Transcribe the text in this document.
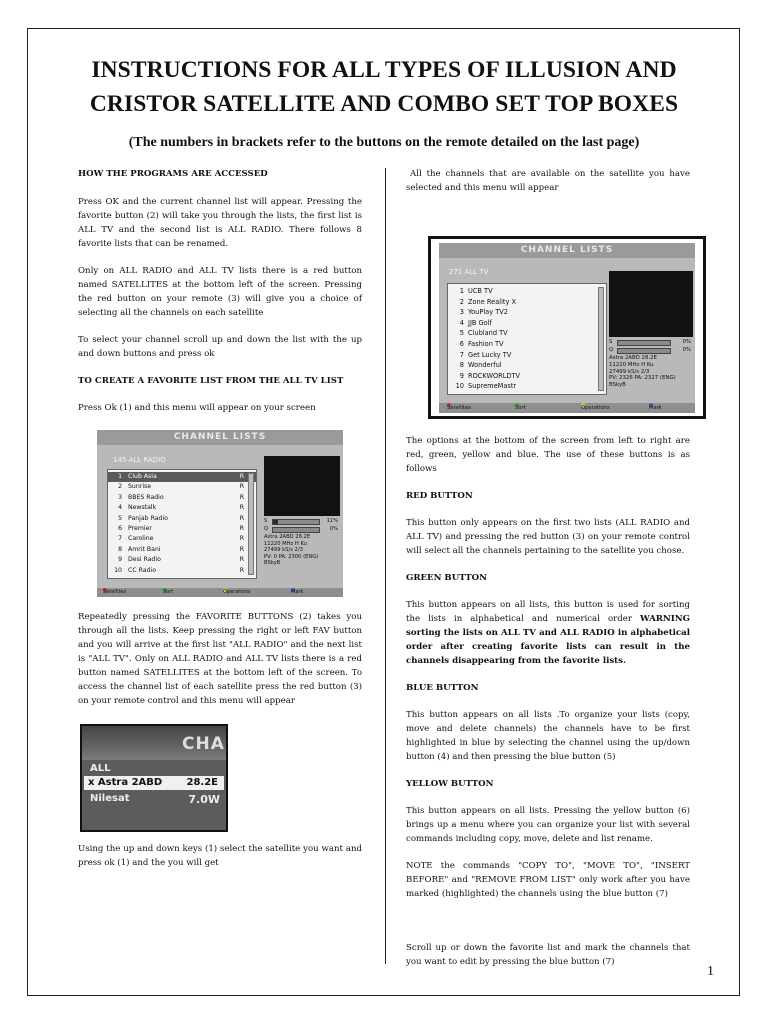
INSTRUCTIONS FOR ALL TYPES OF ILLUSION AND
CRISTOR SATELLITE AND COMBO SET TOP BOXES
(The numbers in brackets refer to the buttons on the remote detailed on the last page)

HOW THE PROGRAMS ARE ACCESSED

Press OK and the current channel list will appear. Pressing the favorite button (2) will take you through the lists, the first list is ALL TV and the second list is ALL RADIO. There follows 8 favorite lists that can be renamed.

Only on ALL RADIO and ALL TV lists there is a red button named SATELLITES at the bottom left of the screen. Pressing the red button on your remote (3) will give you a choice of selecting all the channels on each satellite

To select your channel scroll up and down the list with the up and down buttons and press ok

TO CREATE A FAVORITE LIST FROM THE ALL TV LIST

Press Ok (1) and this menu will appear on your screen

CHANNEL LISTS
145 ALL RADIO
1 Club Asia	R
2 Sunrise	R
3 BBES Radio	R
4 Newstalk	R
5 Panjab Radio	R
6 Premier	R
7 Caroline	R
8 Amrit Bani	R
9 Desi Radio	R
10 CC Radio	R
S	11%
Q	0%
Astra 2ABD 28.2E
11220 MHz H Ku
27499 kS/s 2/3
PV: 0 PA: 2300 (ENG)
BSkyB
Satellites	Sort	Operations	Mark

Repeatedly pressing the FAVORITE BUTTONS (2) takes you through all the lists. Keep pressing the right or left FAV button and you will arrive at the first list "ALL RADIO" and the next list is "ALL TV". Only on ALL RADIO and ALL TV lists there is a red button named SATELLITES at the bottom left of the screen. To access the channel list of each satellite press the red button (3) on your remote control and this menu will appear

CHA
ALL
x Astra 2ABD 28.2E
Nilesat	7.0W

Using the up and down keys (1) select the satellite you want and press ok (1) and the you will get

All the channels that are available on the satellite you have selected and this menu will appear

CHANNEL LISTS
271 ALL TV
1 UCB TV
2 Zone Reality X
3 YouPlay TV2
4 JJB Golf
5 Clubland TV
6 Fashion TV
7 Get Lucky TV
8 Wonderful
9 ROCKWORLDTV
10 SupremeMastr
S	0%
Q	0%
Astra 2ABD 28.2E
11220 MHz H Ku
27499 kS/s 2/3
PV: 2326 PA: 2327 (ENG)
BSkyB
Satellites	Sort	Operations	Mark

The options at the bottom of the screen from left to right are red, green, yellow and blue. The use of these buttons is as follows

RED BUTTON

This button only appears on the first two lists (ALL RADIO and ALL TV) and pressing the red button (3) on your remote control will select all the channels pertaining to the satellite you chose.

GREEN BUTTON

This button appears on all lists, this button is used for sorting the lists in alphabetical and numerical order WARNING sorting the lists on ALL TV and ALL RADIO in alphabetical order after creating favorite lists can result in the channels disappearing from the favorite lists.

BLUE BUTTON

This button appears on all lists .To organize your lists (copy, move and delete channels) the channels have to be first highlighted in blue by selecting the channel using the up/down button (4) and then pressing the blue button (5)

YELLOW BUTTON

This button appears on all lists. Pressing the yellow button (6) brings up a menu where you can organize your list with several commands including copy, move, delete and list rename.

NOTE the commands "COPY TO", "MOVE TO", "INSERT BEFORE" and "REMOVE FROM LIST" only work after you have marked (highlighted) the channels using the blue button (7)

Scroll up or down the favorite list and mark the channels that you want to edit by pressing the blue button (7)

1
